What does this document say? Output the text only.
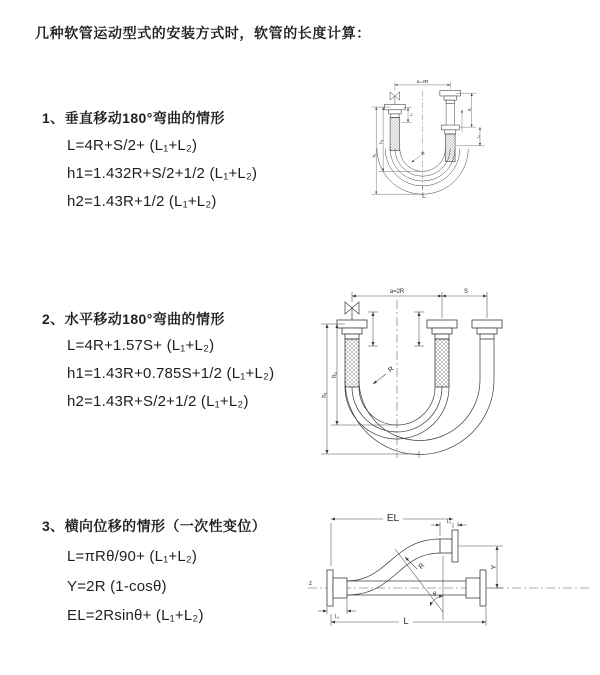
几种软管运动型式的安装方式时，软管的长度计算：
1、垂直移动180°弯曲的情形
L=4R+S/2+ (L₁+L₂)
h1=1.432R+S/2+1/2 (L₁+L₂)
h2=1.43R+1/2 (L₁+L₂)
2、水平移动180°弯曲的情形
L=4R+1.57S+ (L₁+L₂)
h1=1.43R+0.785S+1/2 (L₁+L₂)
h2=1.43R+S/2+1/2 (L₁+L₂)
3、横向位移的情形（一次性变位）
L=πRθ/90+ (L₁+L₂)
Y=2R (1-cosθ)
EL=2Rsinθ+ (L₁+L₂)
a=2R
S
L₂
L₁
h₁
h₂
R
L
a=2R	S
h₁
h₂
R
z
θ
R
EL	L₂
Y
L₁	L
